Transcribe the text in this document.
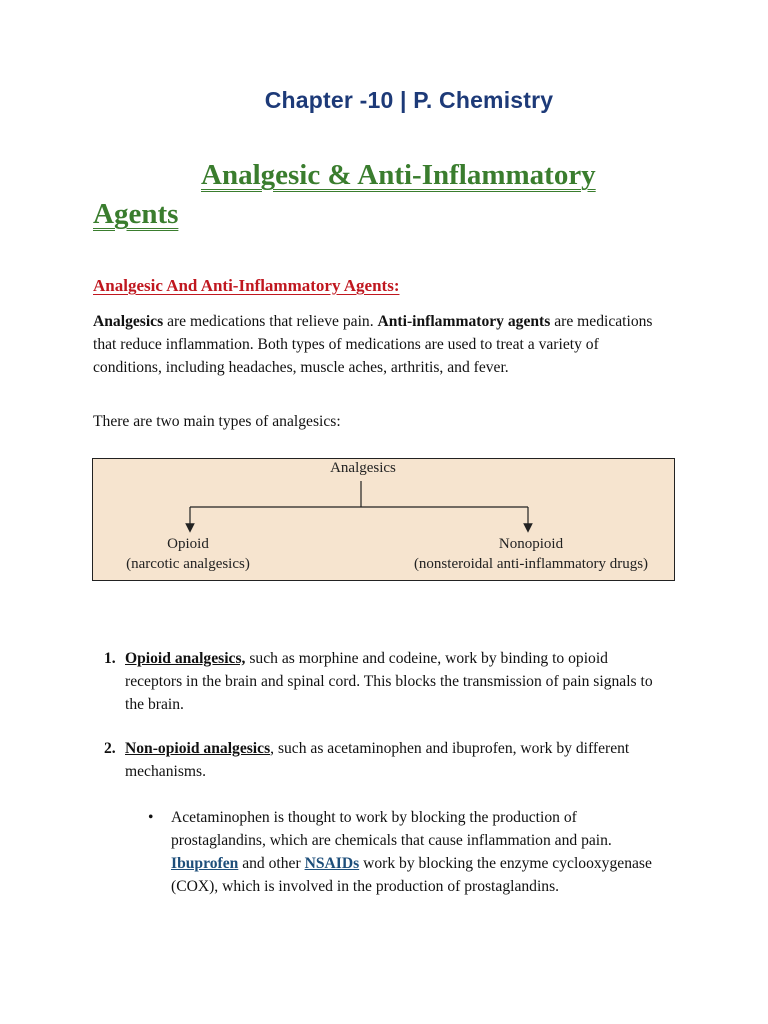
Chapter -10 | P. Chemistry
Analgesic & Anti-Inflammatory
Agents
Analgesic And Anti-Inflammatory Agents:
Analgesics are medications that relieve pain. Anti-inflammatory agents are medications that reduce inflammation. Both types of medications are used to treat a variety of conditions, including headaches, muscle aches, arthritis, and fever.
There are two main types of analgesics:
Analgesics
Opioid
(narcotic analgesics)
Nonopioid
(nonsteroidal anti-inflammatory drugs)
1. Opioid analgesics, such as morphine and codeine, work by binding to opioid receptors in the brain and spinal cord. This blocks the transmission of pain signals to the brain.
2. Non-opioid analgesics, such as acetaminophen and ibuprofen, work by different mechanisms.
• Acetaminophen is thought to work by blocking the production of prostaglandins, which are chemicals that cause inflammation and pain. Ibuprofen and other NSAIDs work by blocking the enzyme cyclooxygenase (COX), which is involved in the production of prostaglandins.
